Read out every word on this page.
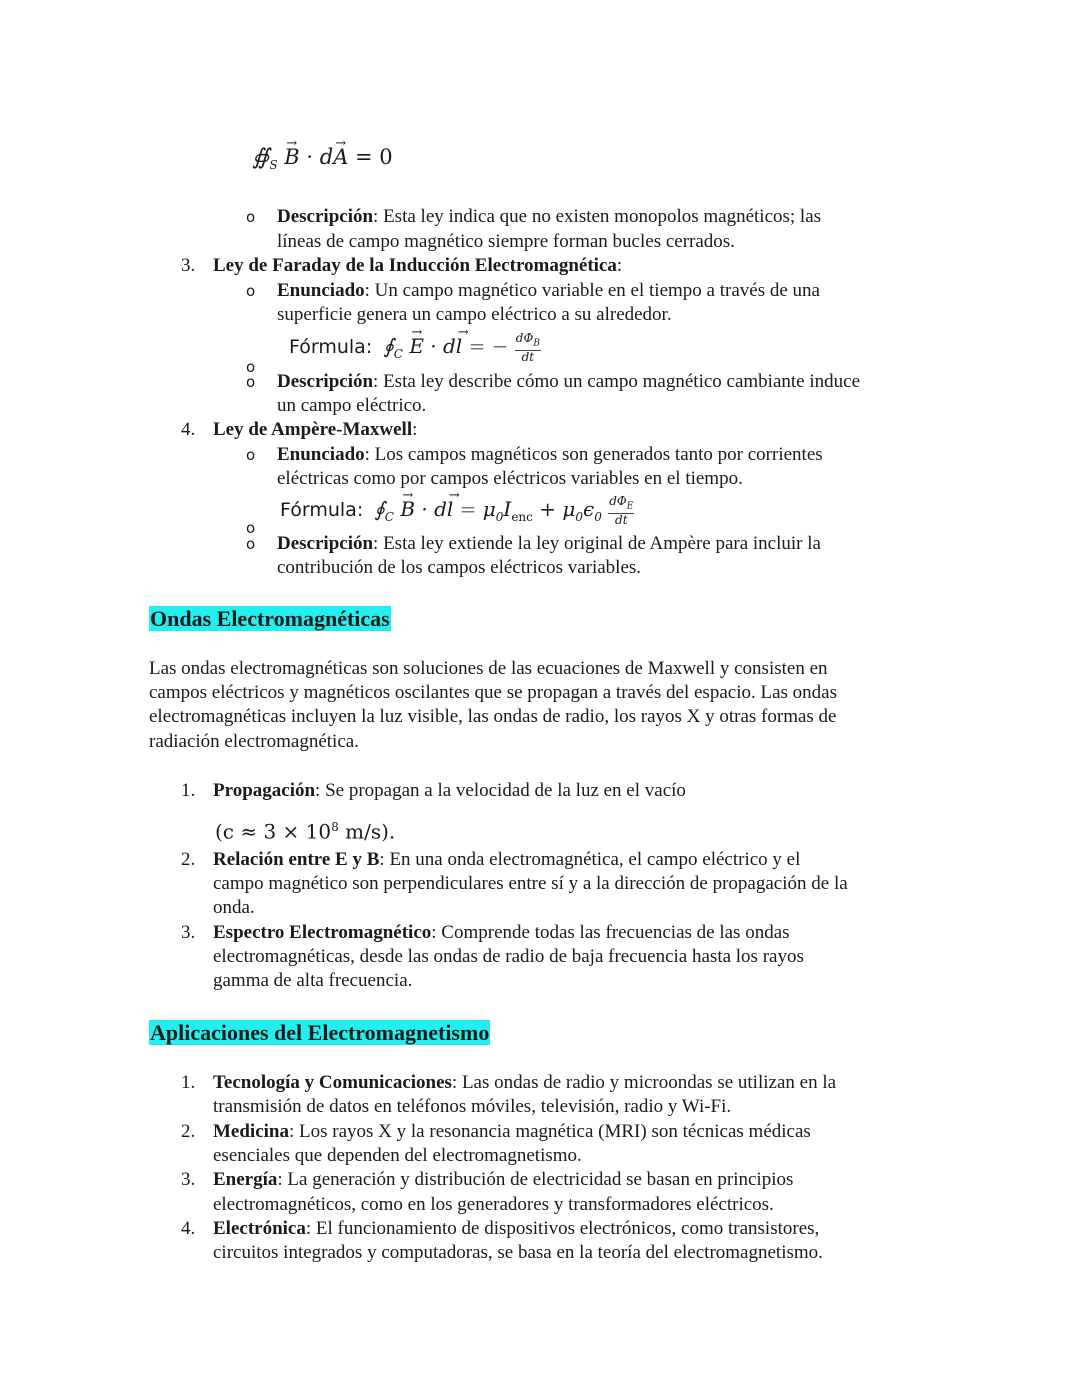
$∯_S \to B \cdot d\to A = 0$
o Descripción: Esta ley indica que no existen monopolos magnéticos; las
líneas de campo magnético siempre forman bucles cerrados.
3. Ley de Faraday de la Inducción Electromagnética:
o Enunciado: Un campo magnético variable en el tiempo a través de una
superficie genera un campo eléctrico a su alrededor.
Fórmula:  $∮_C \to E \cdot d\to l$ = − $\frac{d\Phi_B}{dt}$
o
o Descripción: Esta ley describe cómo un campo magnético cambiante induce
un campo eléctrico.
4. Ley de Ampère-Maxwell:
o Enunciado: Los campos magnéticos son generados tanto por corrientes
eléctricas como por campos eléctricos variables en el tiempo.
Fórmula:  $∮_C \to B \cdot d\to l = \mu_0I_{enc} + \mu_0\epsilon_0 \frac{d\Phi_E}{dt}$
o
o Descripción: Esta ley extiende la ley original de Ampère para incluir la
contribución de los campos eléctricos variables.
Ondas Electromagnéticas
Las ondas electromagnéticas son soluciones de las ecuaciones de Maxwell y consisten en
campos eléctricos y magnéticos oscilantes que se propagan a través del espacio. Las ondas
electromagnéticas incluyen la luz visible, las ondas de radio, los rayos X y otras formas de
radiación electromagnética.
1. Propagación: Se propagan a la velocidad de la luz en el vacío
($c \approx 3 \times 10^8$ m/s).
2. Relación entre E y B: En una onda electromagnética, el campo eléctrico y el
campo magnético son perpendiculares entre sí y a la dirección de propagación de la
onda.
3. Espectro Electromagnético: Comprende todas las frecuencias de las ondas
electromagnéticas, desde las ondas de radio de baja frecuencia hasta los rayos
gamma de alta frecuencia.
Aplicaciones del Electromagnetismo
1. Tecnología y Comunicaciones: Las ondas de radio y microondas se utilizan en la
transmisión de datos en teléfonos móviles, televisión, radio y Wi-Fi.
2. Medicina: Los rayos X y la resonancia magnética (MRI) son técnicas médicas
esenciales que dependen del electromagnetismo.
3. Energía: La generación y distribución de electricidad se basan en principios
electromagnéticos, como en los generadores y transformadores eléctricos.
4. Electrónica: El funcionamiento de dispositivos electrónicos, como transistores,
circuitos integrados y computadoras, se basa en la teoría del electromagnetismo.
